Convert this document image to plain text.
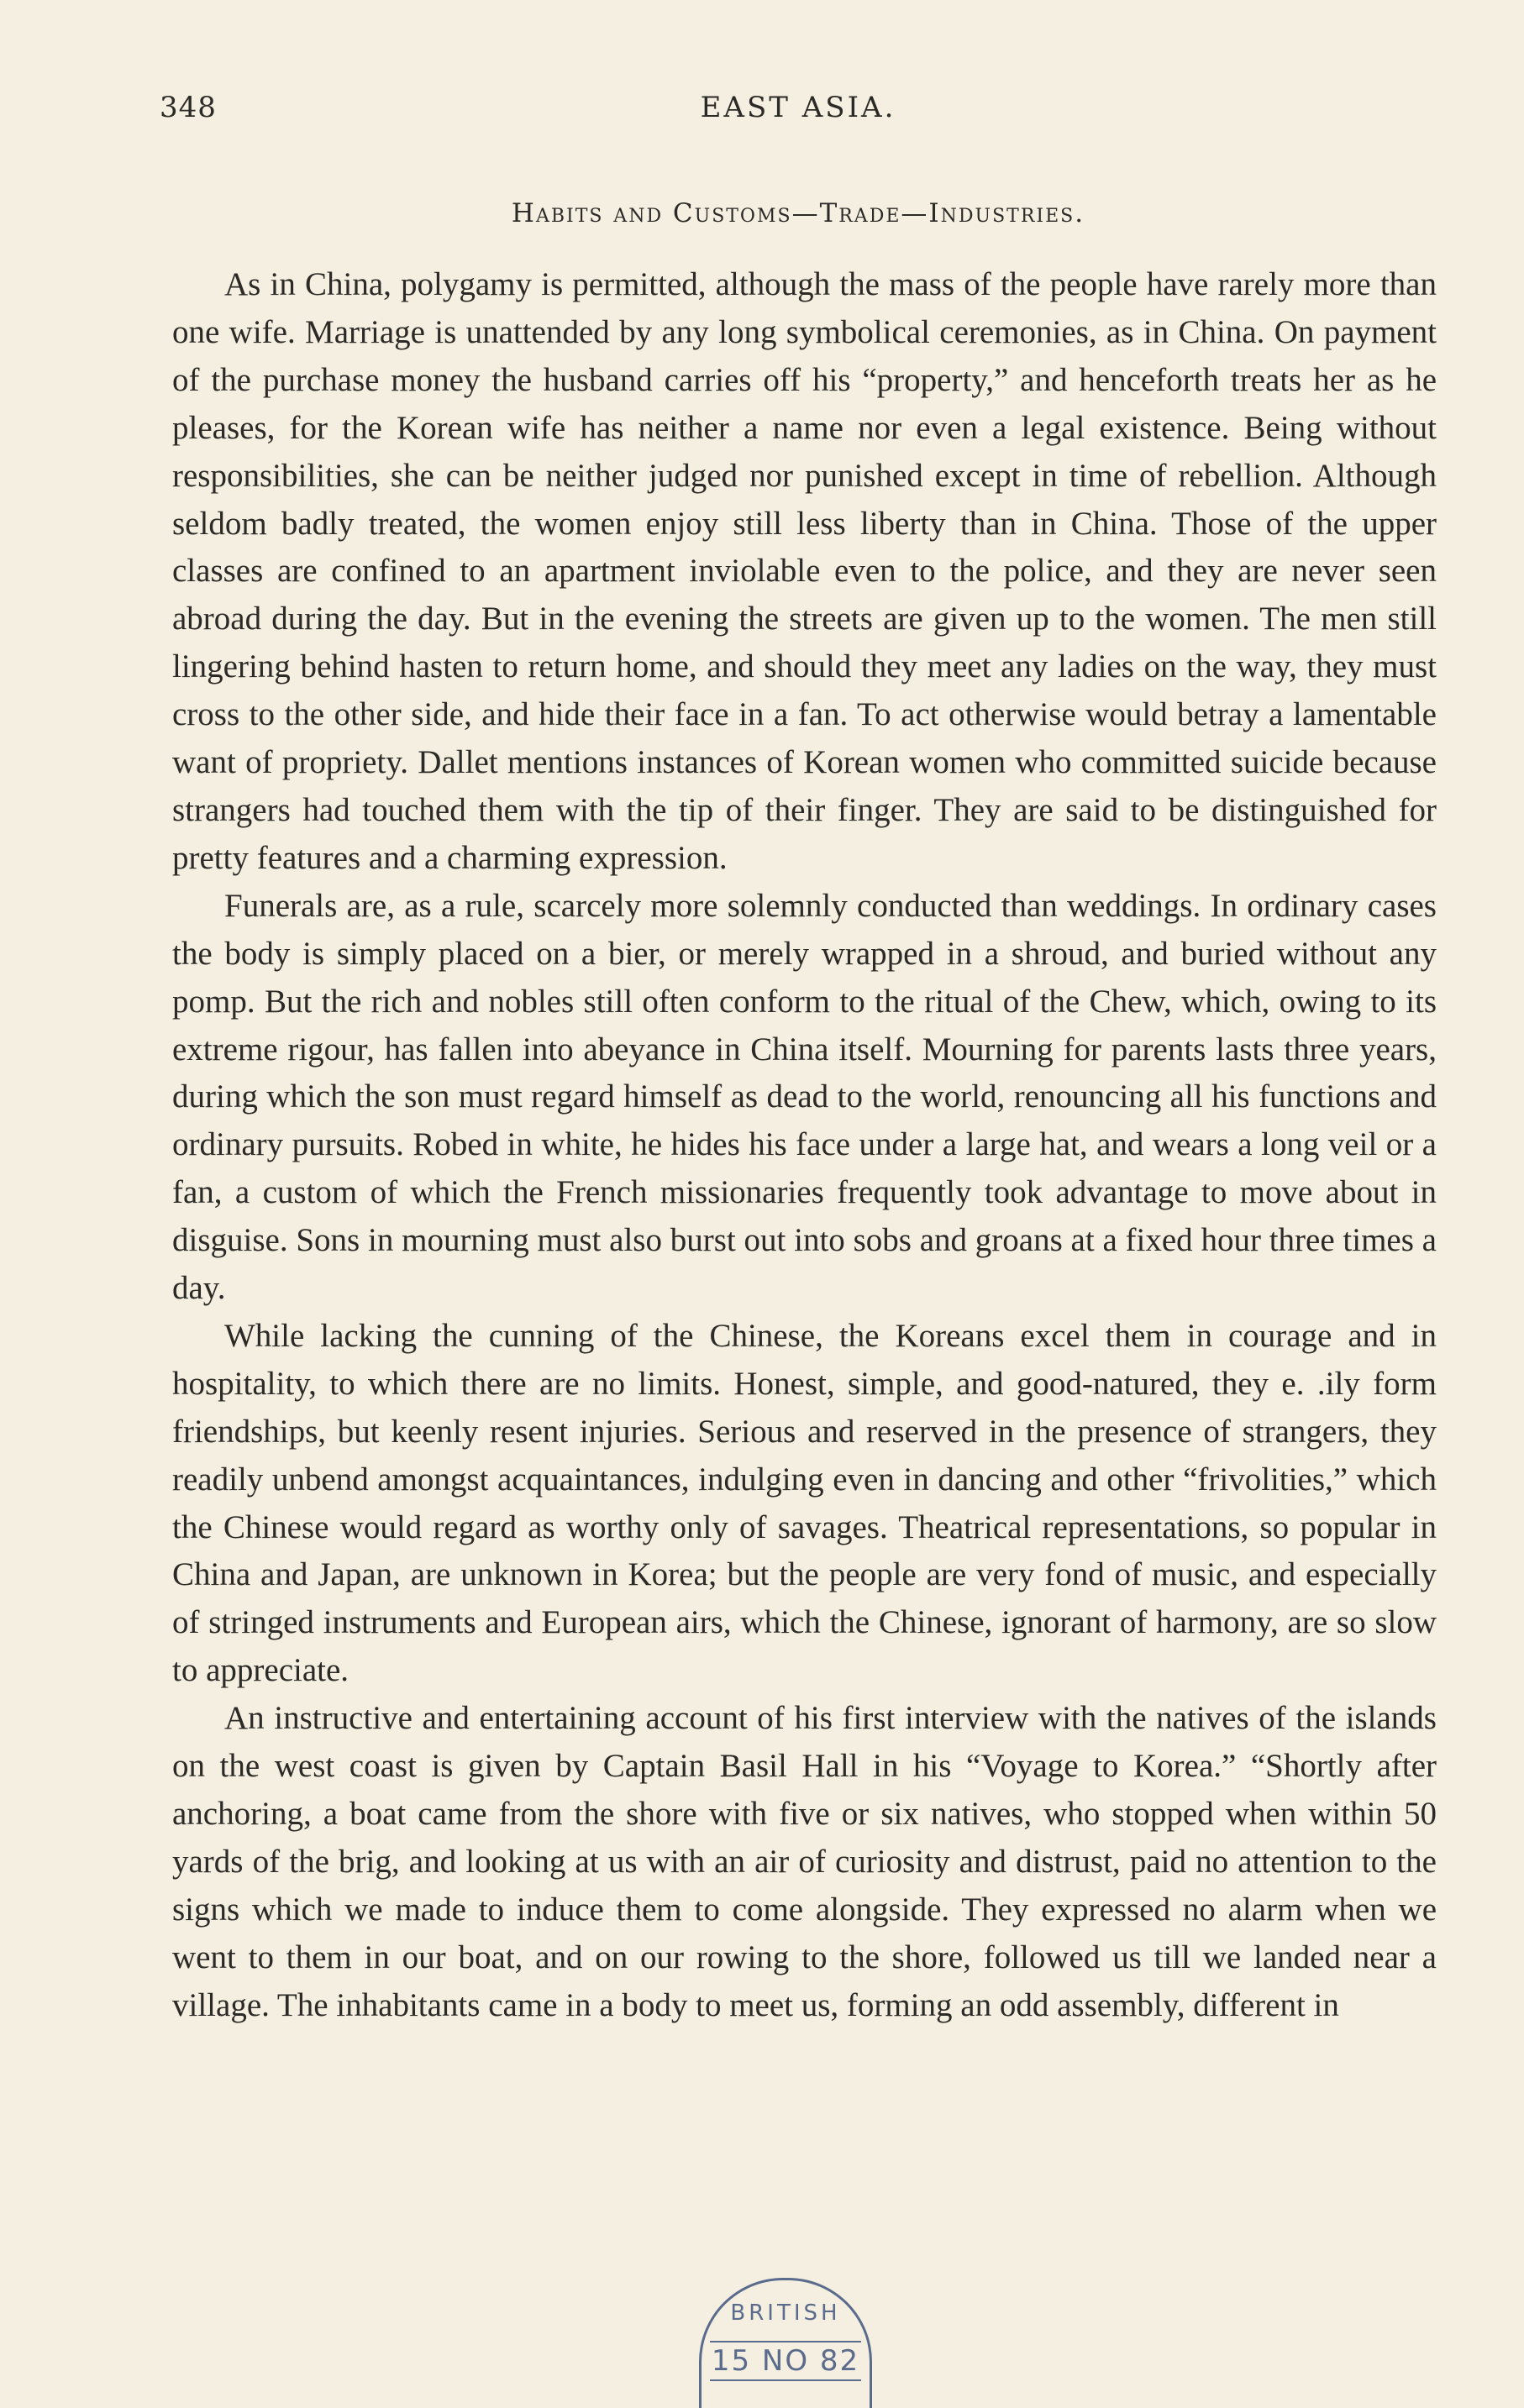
348	EAST ASIA.
Habits and Customs—Trade—Industries.

As in China, polygamy is permitted, although the mass of the people have rarely more than one wife. Marriage is unattended by any long symbolical ceremonies, as in China. On payment of the purchase money the husband carries off his “property,” and henceforth treats her as he pleases, for the Korean wife has neither a name nor even a legal existence. Being without responsibilities, she can be neither judged nor punished except in time of rebellion. Although seldom badly treated, the women enjoy still less liberty than in China. Those of the upper classes are confined to an apartment inviolable even to the police, and they are never seen abroad during the day. But in the evening the streets are given up to the women. The men still lingering behind hasten to return home, and should they meet any ladies on the way, they must cross to the other side, and hide their face in a fan. To act otherwise would betray a lamentable want of propriety. Dallet mentions instances of Korean women who committed suicide because strangers had touched them with the tip of their finger. They are said to be distinguished for pretty features and a charming expression.

Funerals are, as a rule, scarcely more solemnly conducted than weddings. In ordinary cases the body is simply placed on a bier, or merely wrapped in a shroud, and buried without any pomp. But the rich and nobles still often conform to the ritual of the Chew, which, owing to its extreme rigour, has fallen into abeyance in China itself. Mourning for parents lasts three years, during which the son must regard himself as dead to the world, renouncing all his functions and ordinary pursuits. Robed in white, he hides his face under a large hat, and wears a long veil or a fan, a custom of which the French missionaries frequently took advantage to move about in disguise. Sons in mourning must also burst out into sobs and groans at a fixed hour three times a day.

While lacking the cunning of the Chinese, the Koreans excel them in courage and in hospitality, to which there are no limits. Honest, simple, and good-natured, they e. .ily form friendships, but keenly resent injuries. Serious and reserved in the presence of strangers, they readily unbend amongst acquaintances, indulging even in dancing and other “frivolities,” which the Chinese would regard as worthy only of savages. Theatrical representations, so popular in China and Japan, are unknown in Korea; but the people are very fond of music, and especially of stringed instruments and European airs, which the Chinese, ignorant of harmony, are so slow to appreciate.

An instructive and entertaining account of his first interview with the natives of the islands on the west coast is given by Captain Basil Hall in his “Voyage to Korea.” “Shortly after anchoring, a boat came from the shore with five or six natives, who stopped when within 50 yards of the brig, and looking at us with an air of curiosity and distrust, paid no attention to the signs which we made to induce them to come alongside. They expressed no alarm when we went to them in our boat, and on our rowing to the shore, followed us till we landed near a village. The inhabitants came in a body to meet us, forming an odd assembly, different in

BRITISH
15 NO 82
